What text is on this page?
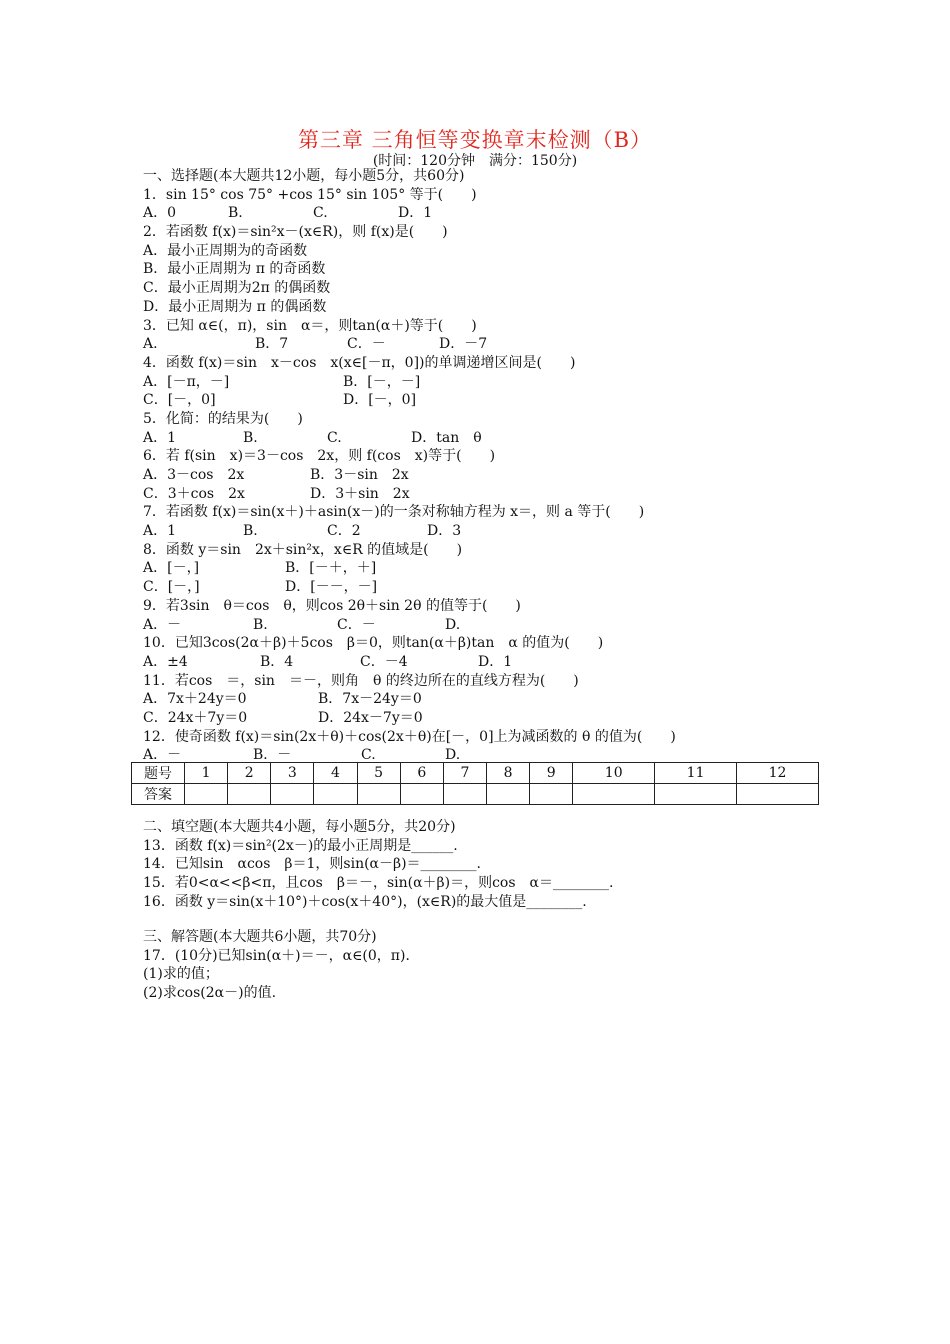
第三章 三角恒等变换章末检测（B）
(时间：120分钟　满分：150分)
一、选择题(本大题共12小题，每小题5分，共60分)
1．sin 15° cos 75° +cos 15° sin 105° 等于(　　)
A．0	B.	C.	D．1
2．若函数 f(x)＝sin²x－(x∈R)，则 f(x)是(　　)
A．最小正周期为的奇函数
B．最小正周期为 π 的奇函数
C．最小正周期为2π 的偶函数
D．最小正周期为 π 的偶函数
3．已知 α∈(，π)，sin　α＝，则tan(α＋)等于(　　)
A.	B．7	C．－	D．－7
4．函数 f(x)＝sin　x－cos　x(x∈[－π，0])的单调递增区间是(　　)
A．[－π，－]	B．[－，－]
C．[－，0]	D．[－，0]
5．化简：的结果为(　　)
A．1	B.	C.	D．tan　θ
6．若 f(sin　x)＝3－cos　2x，则 f(cos　x)等于(　　)
A．3－cos　2x	B．3－sin　2x
C．3＋cos　2x	D．3＋sin　2x
7．若函数 f(x)＝sin(x＋)＋asin(x－)的一条对称轴方程为 x＝，则 a 等于(　　)
A．1	B.	C．2	D．3
8．函数 y＝sin　2x＋sin²x，x∈R 的值域是(　　)
A．[－，]	B．[－＋，＋]
C．[－，]	D．[－－，－]
9．若3sin　θ＝cos　θ，则cos 2θ＋sin 2θ 的值等于(　　)
A．－	B.	C．－	D.
10．已知3cos(2α＋β)＋5cos　β＝0，则tan(α＋β)tan　α 的值为(　　)
A．±4	B．4	C．－4	D．1
11．若cos　＝，sin　＝－，则角　θ 的终边所在的直线方程为(　　)
A．7x＋24y＝0	B．7x－24y＝0
C．24x＋7y＝0	D．24x－7y＝0
12．使奇函数 f(x)＝sin(2x＋θ)＋cos(2x＋θ)在[－，0]上为减函数的 θ 的值为(　　)
A．－	B．－	C.	D.
题号	1	2	3	4	5	6	7	8	9	10	11	12
答案												
二、填空题(本大题共4小题，每小题5分，共20分)
13．函数 f(x)＝sin²(2x－)的最小正周期是______.
14．已知sin　αcos　β＝1，则sin(α－β)＝________.
15．若0<α<<β<π，且cos　β＝－，sin(α＋β)＝，则cos　α＝________.
16．函数 y＝sin(x＋10°)＋cos(x＋40°)，(x∈R)的最大值是________.
三、解答题(本大题共6小题，共70分)
17．(10分)已知sin(α＋)＝－，α∈(0，π)．
(1)求的值；
(2)求cos(2α－)的值.
